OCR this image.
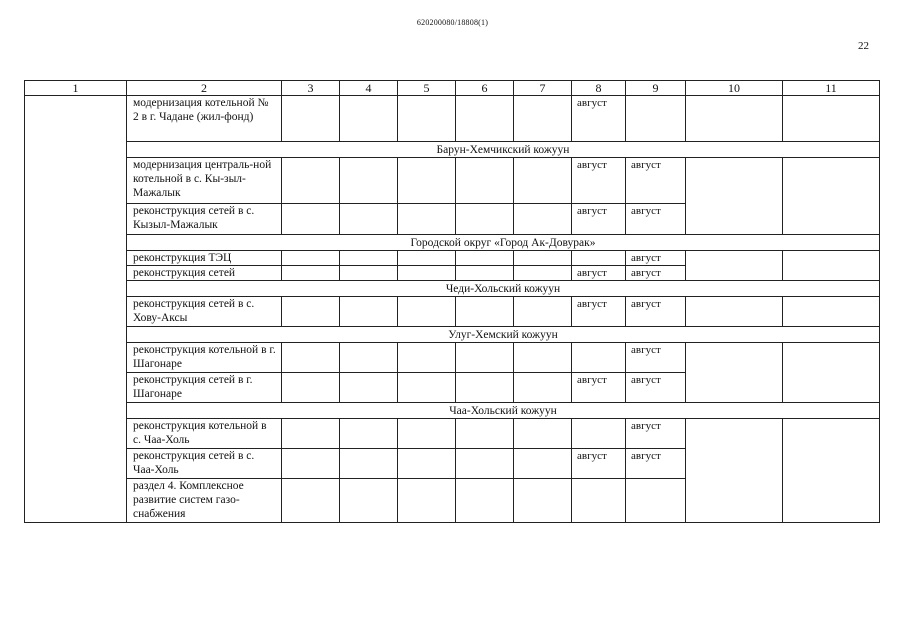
620200080/18808(1)
22
1	2	3	4	5	6	7	8	9	10	11
	модернизация котельной № 2 в г. Чадане (жил-фонд)						август			
	Барун-Хемчикский кожуун									
	модернизация централь-ной котельной в с. Кы-зыл-Мажалык						август	август		
	реконструкция сетей в с. Кызыл-Мажалык						август	август		
	Городской округ «Город Ак-Довурак»									
	реконструкция ТЭЦ							август		
	реконструкция сетей						август	август		
	Чеди-Хольский кожуун									
	реконструкция сетей в с. Хову-Аксы						август	август		
	Улуг-Хемский кожуун									
	реконструкция котельной в г. Шагонаре							август		
	реконструкция сетей в г. Шагонаре						август	август		
	Чаа-Хольский кожуун									
	реконструкция котельной в с. Чаа-Холь							август		
	реконструкция сетей в с. Чаа-Холь						август	август		
	раздел 4. Комплексное развитие систем газо-снабжения									
